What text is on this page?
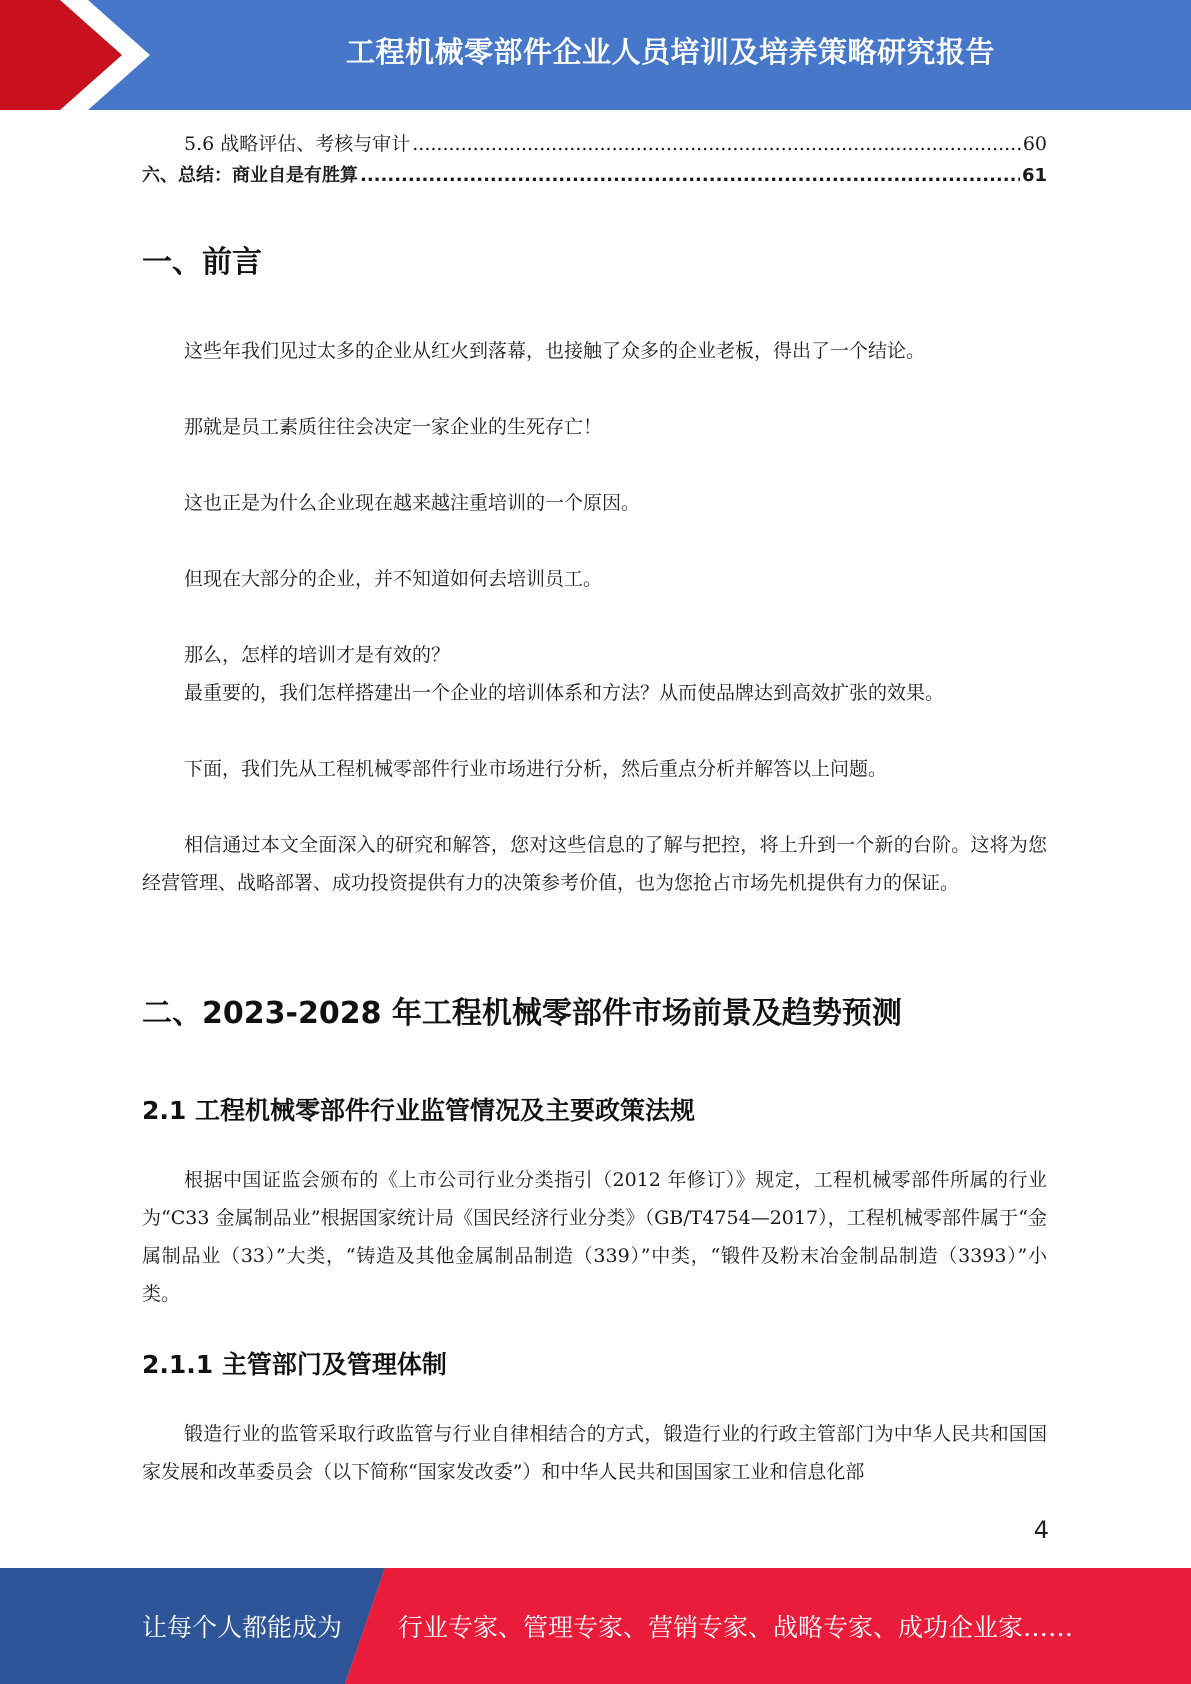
工程机械零部件企业人员培训及培养策略研究报告
5.6 战略评估、考核与审计 .....	60
六、总结：商业自是有胜算 .....	61
一、前言

这些年我们见过太多的企业从红火到落幕，也接触了众多的企业老板，得出了一个结论。

那就是员工素质往往会决定一家企业的生死存亡！

这也正是为什么企业现在越来越注重培训的一个原因。

但现在大部分的企业，并不知道如何去培训员工。

那么，怎样的培训才是有效的？

最重要的，我们怎样搭建出一个企业的培训体系和方法？从而使品牌达到高效扩张的效果。

下面，我们先从工程机械零部件行业市场进行分析，然后重点分析并解答以上问题。

相信通过本文全面深入的研究和解答，您对这些信息的了解与把控，将上升到一个新的台阶。这将为您经营管理、战略部署、成功投资提供有力的决策参考价值，也为您抢占市场先机提供有力的保证。

二、2023-2028 年工程机械零部件市场前景及趋势预测
2.1 工程机械零部件行业监管情况及主要政策法规

根据中国证监会颁布的《上市公司行业分类指引（2012 年修订）》规定，工程机械零部件所属的行业为“C33 金属制品业”根据国家统计局《国民经济行业分类》（GB/T4754—2017），工程机械零部件属于“金属制品业（33）”大类，“铸造及其他金属制品制造（339）”中类，“锻件及粉末冶金制品制造（3393）”小类。

2.1.1 主管部门及管理体制

锻造行业的监管采取行政监管与行业自律相结合的方式，锻造行业的行政主管部门为中华人民共和国国家发展和改革委员会（以下简称“国家发改委”）和中华人民共和国国家工业和信息化部

4
让每个人都能成为 行业专家、管理专家、营销专家、战略专家、成功企业家……
